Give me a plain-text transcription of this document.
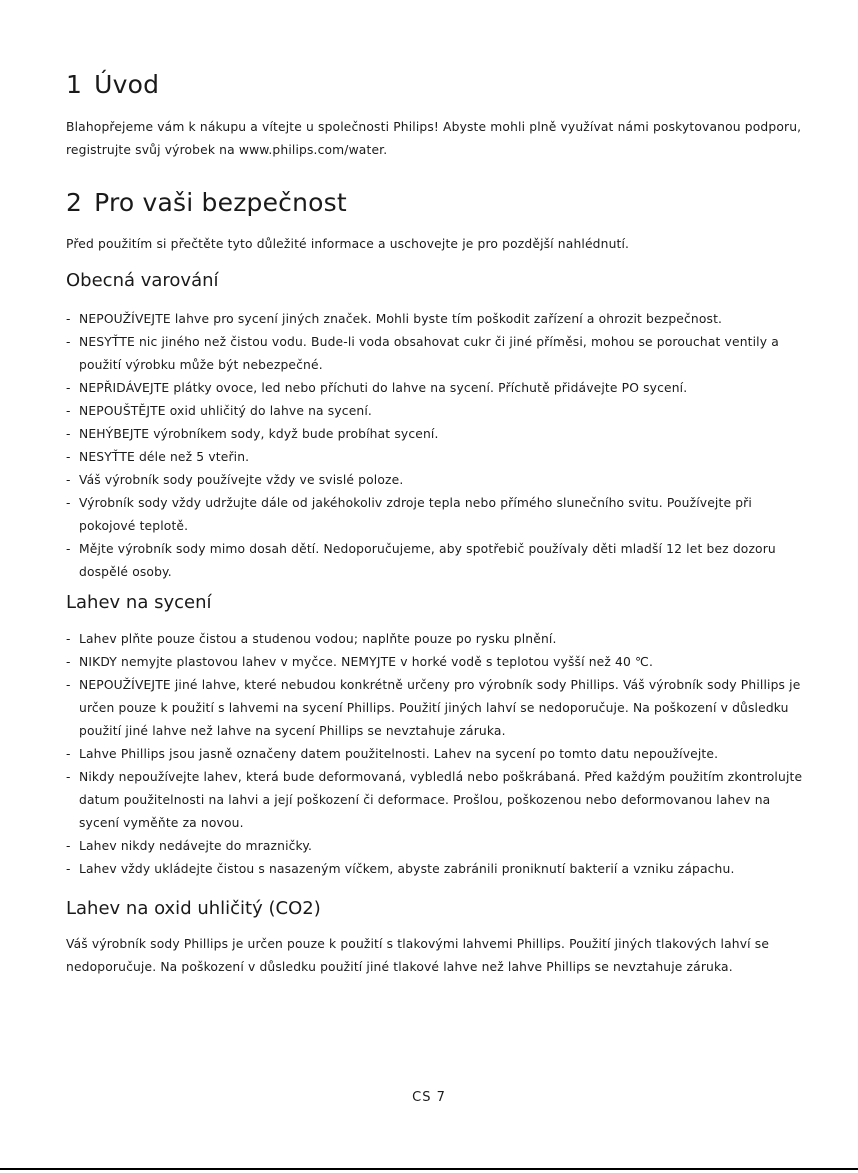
1 Úvod

Blahopřejeme vám k nákupu a vítejte u společnosti Philips! Abyste mohli plně využívat námi poskytovanou podporu, registrujte svůj výrobek na www.philips.com/water.

2 Pro vaši bezpečnost

Před použitím si přečtěte tyto důležité informace a uschovejte je pro pozdější nahlédnutí.

Obecná varování
- NEPOUŽÍVEJTE lahve pro sycení jiných značek. Mohli byste tím poškodit zařízení a ohrozit bezpečnost.
- NESYŤTE nic jiného než čistou vodu. Bude-li voda obsahovat cukr či jiné příměsi, mohou se porouchat ventily a použití výrobku může být nebezpečné.
- NEPŘIDÁVEJTE plátky ovoce, led nebo příchuti do lahve na sycení. Příchutě přidávejte PO sycení.
- NEPOUŠTĚJTE oxid uhličitý do lahve na sycení.
- NEHÝBEJTE výrobníkem sody, když bude probíhat sycení.
- NESYŤTE déle než 5 vteřin.
- Váš výrobník sody používejte vždy ve svislé poloze.
- Výrobník sody vždy udržujte dále od jakéhokoliv zdroje tepla nebo přímého slunečního svitu. Používejte při pokojové teplotě.
- Mějte výrobník sody mimo dosah dětí. Nedoporučujeme, aby spotřebič používaly děti mladší 12 let bez dozoru dospělé osoby.
Lahev na sycení
- Lahev plňte pouze čistou a studenou vodou; naplňte pouze po rysku plnění.
- NIKDY nemyjte plastovou lahev v myčce. NEMYJTE v horké vodě s teplotou vyšší než 40 ℃.
- NEPOUŽÍVEJTE jiné lahve, které nebudou konkrétně určeny pro výrobník sody Phillips. Váš výrobník sody Phillips je určen pouze k použití s lahvemi na sycení Phillips. Použití jiných lahví se nedoporučuje. Na poškození v důsledku použití jiné lahve než lahve na sycení Phillips se nevztahuje záruka.
- Lahve Phillips jsou jasně označeny datem použitelnosti. Lahev na sycení po tomto datu nepoužívejte.
- Nikdy nepoužívejte lahev, která bude deformovaná, vybledlá nebo poškrábaná. Před každým použitím zkontrolujte datum použitelnosti na lahvi a její poškození či deformace. Prošlou, poškozenou nebo deformovanou lahev na sycení vyměňte za novou.
- Lahev nikdy nedávejte do mrazničky.
- Lahev vždy ukládejte čistou s nasazeným víčkem, abyste zabránili proniknutí bakterií a vzniku zápachu.
Lahev na oxid uhličitý (CO2)

Váš výrobník sody Phillips je určen pouze k použití s tlakovými lahvemi Phillips. Použití jiných tlakových lahví se nedoporučuje. Na poškození v důsledku použití jiné tlakové lahve než lahve Phillips se nevztahuje záruka.

CS 7
